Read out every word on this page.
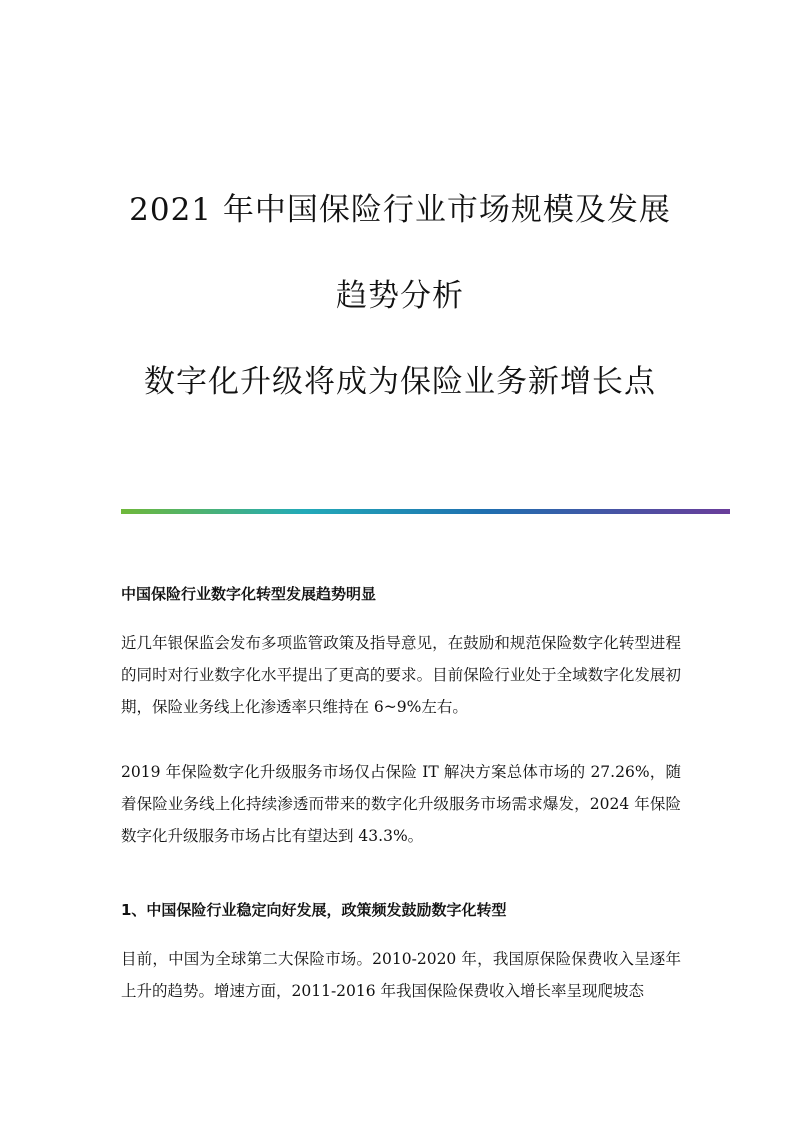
2021 年中国保险行业市场规模及发展
趋势分析
数字化升级将成为保险业务新增长点
中国保险行业数字化转型发展趋势明显
近几年银保监会发布多项监管政策及指导意见，在鼓励和规范保险数字化转型进程的同时对行业数字化水平提出了更高的要求。目前保险行业处于全域数字化发展初期，保险业务线上化渗透率只维持在 6~9%左右。
2019 年保险数字化升级服务市场仅占保险 IT 解决方案总体市场的 27.26%，随着保险业务线上化持续渗透而带来的数字化升级服务市场需求爆发，2024 年保险数字化升级服务市场占比有望达到 43.3%。
1、中国保险行业稳定向好发展，政策频发鼓励数字化转型
目前，中国为全球第二大保险市场。2010-2020 年，我国原保险保费收入呈逐年上升的趋势。增速方面，2011-2016 年我国保险保费收入增长率呈现爬坡态
